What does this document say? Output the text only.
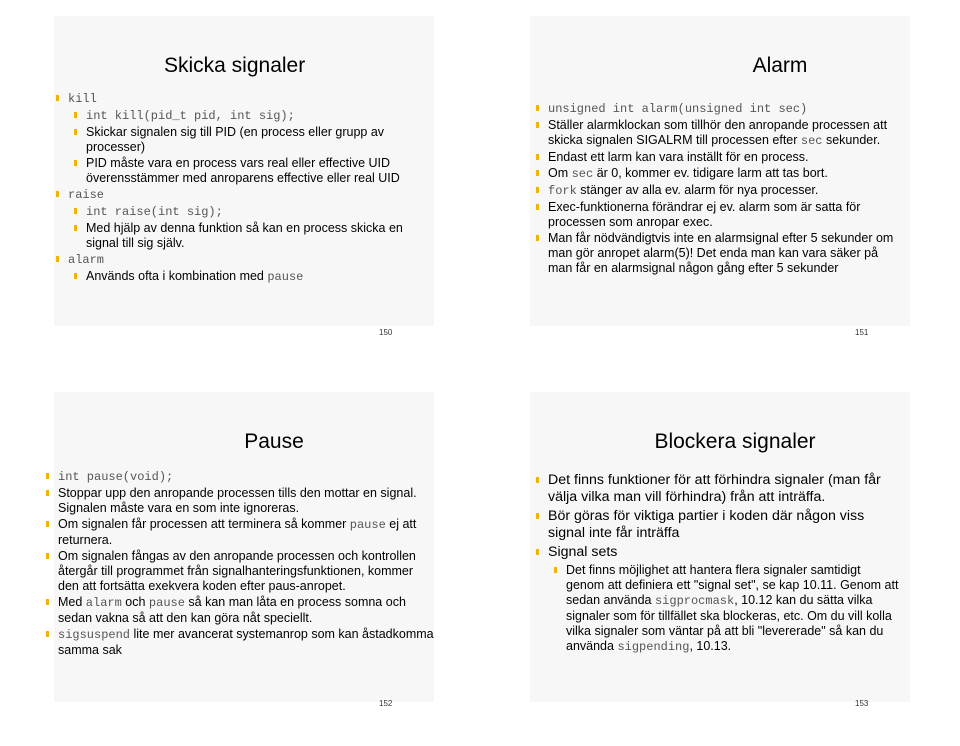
Skicka signaler
kill
int kill(pid_t pid, int sig);
Skickar signalen sig till PID (en process eller grupp av processer)
PID måste vara en process vars real eller effective UID överensstämmer med anroparens effective eller real UID
raise
int raise(int sig);
Med hjälp av denna funktion så kan en process skicka en signal till sig själv.
alarm
Används ofta i kombination med pause
150
Alarm
unsigned int alarm(unsigned int sec)
Ställer alarmklockan som tillhör den anropande processen att skicka signalen SIGALRM till processen efter sec sekunder.
Endast ett larm kan vara inställt för en process.
Om sec är 0, kommer ev. tidigare larm att tas bort.
fork stänger av alla ev. alarm för nya processer.
Exec-funktionerna förändrar ej ev. alarm som är satta för processen som anropar exec.
Man får nödvändigtvis inte en alarmsignal efter 5 sekunder om man gör anropet alarm(5)! Det enda man kan vara säker på man får en alarmsignal någon gång efter 5 sekunder
151
Pause
int pause(void);
Stoppar upp den anropande processen tills den mottar en signal. Signalen måste vara en som inte ignoreras.
Om signalen får processen att terminera så kommer pause ej att returnera.
Om signalen fångas av den anropande processen och kontrollen återgår till programmet från signalhanteringsfunktionen, kommer den att fortsätta exekvera koden efter paus-anropet.
Med alarm och pause så kan man låta en process somna och sedan vakna så att den kan göra nåt speciellt.
sigsuspend lite mer avancerat systemanrop som kan åstadkomma samma sak
152
Blockera signaler
Det finns funktioner för att förhindra signaler (man får välja vilka man vill förhindra) från att inträffa.
Bör göras för viktiga partier i koden där någon viss signal inte får inträffa
Signal sets
Det finns möjlighet att hantera flera signaler samtidigt genom att definiera ett "signal set", se kap 10.11. Genom att sedan använda sigprocmask, 10.12 kan du sätta vilka signaler som för tillfället ska blockeras, etc. Om du vill kolla vilka signaler som väntar på att bli "levererade" så kan du använda sigpending, 10.13.
153
